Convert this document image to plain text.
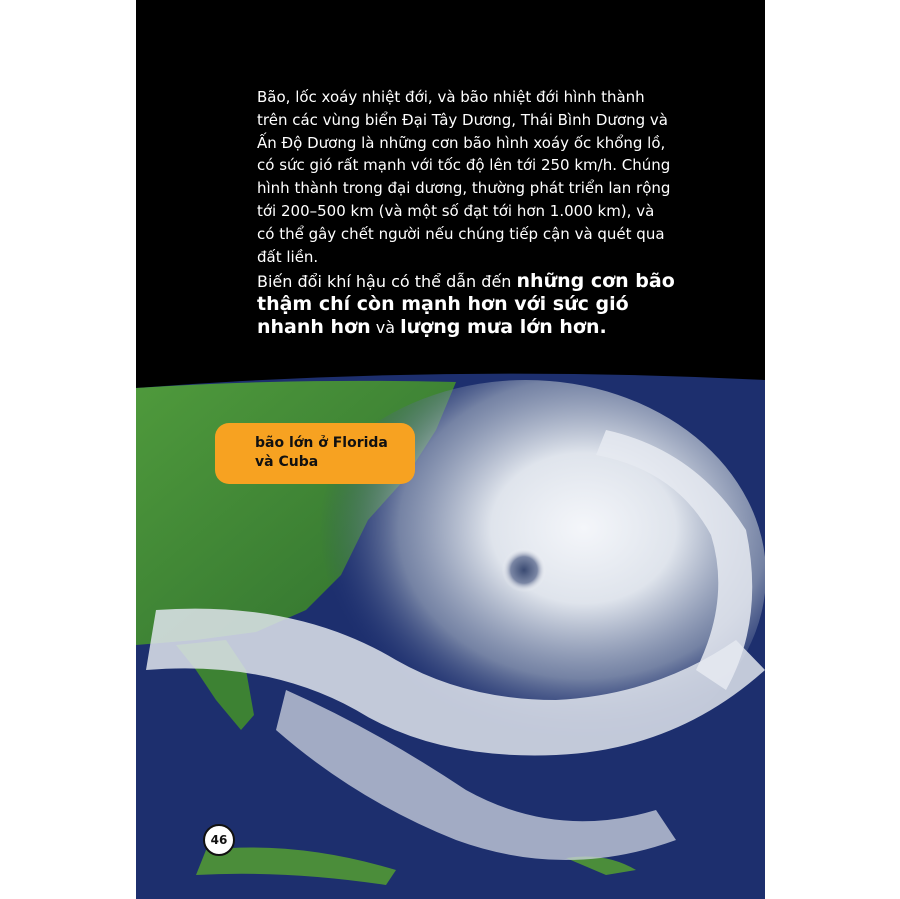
Bão, lốc xoáy nhiệt đới, và bão nhiệt đới hình thành trên các vùng biển Đại Tây Dương, Thái Bình Dương và Ấn Độ Dương là những cơn bão hình xoáy ốc khổng lồ, có sức gió rất mạnh với tốc độ lên tới 250 km/h. Chúng hình thành trong đại dương, thường phát triển lan rộng tới 200–500 km (và một số đạt tới hơn 1.000 km), và có thể gây chết người nếu chúng tiếp cận và quét qua đất liền.

Biến đổi khí hậu có thể dẫn đến những cơn bão thậm chí còn mạnh hơn với sức gió nhanh hơn và lượng mưa lớn hơn.

bão lớn ở Florida
và Cuba
46
